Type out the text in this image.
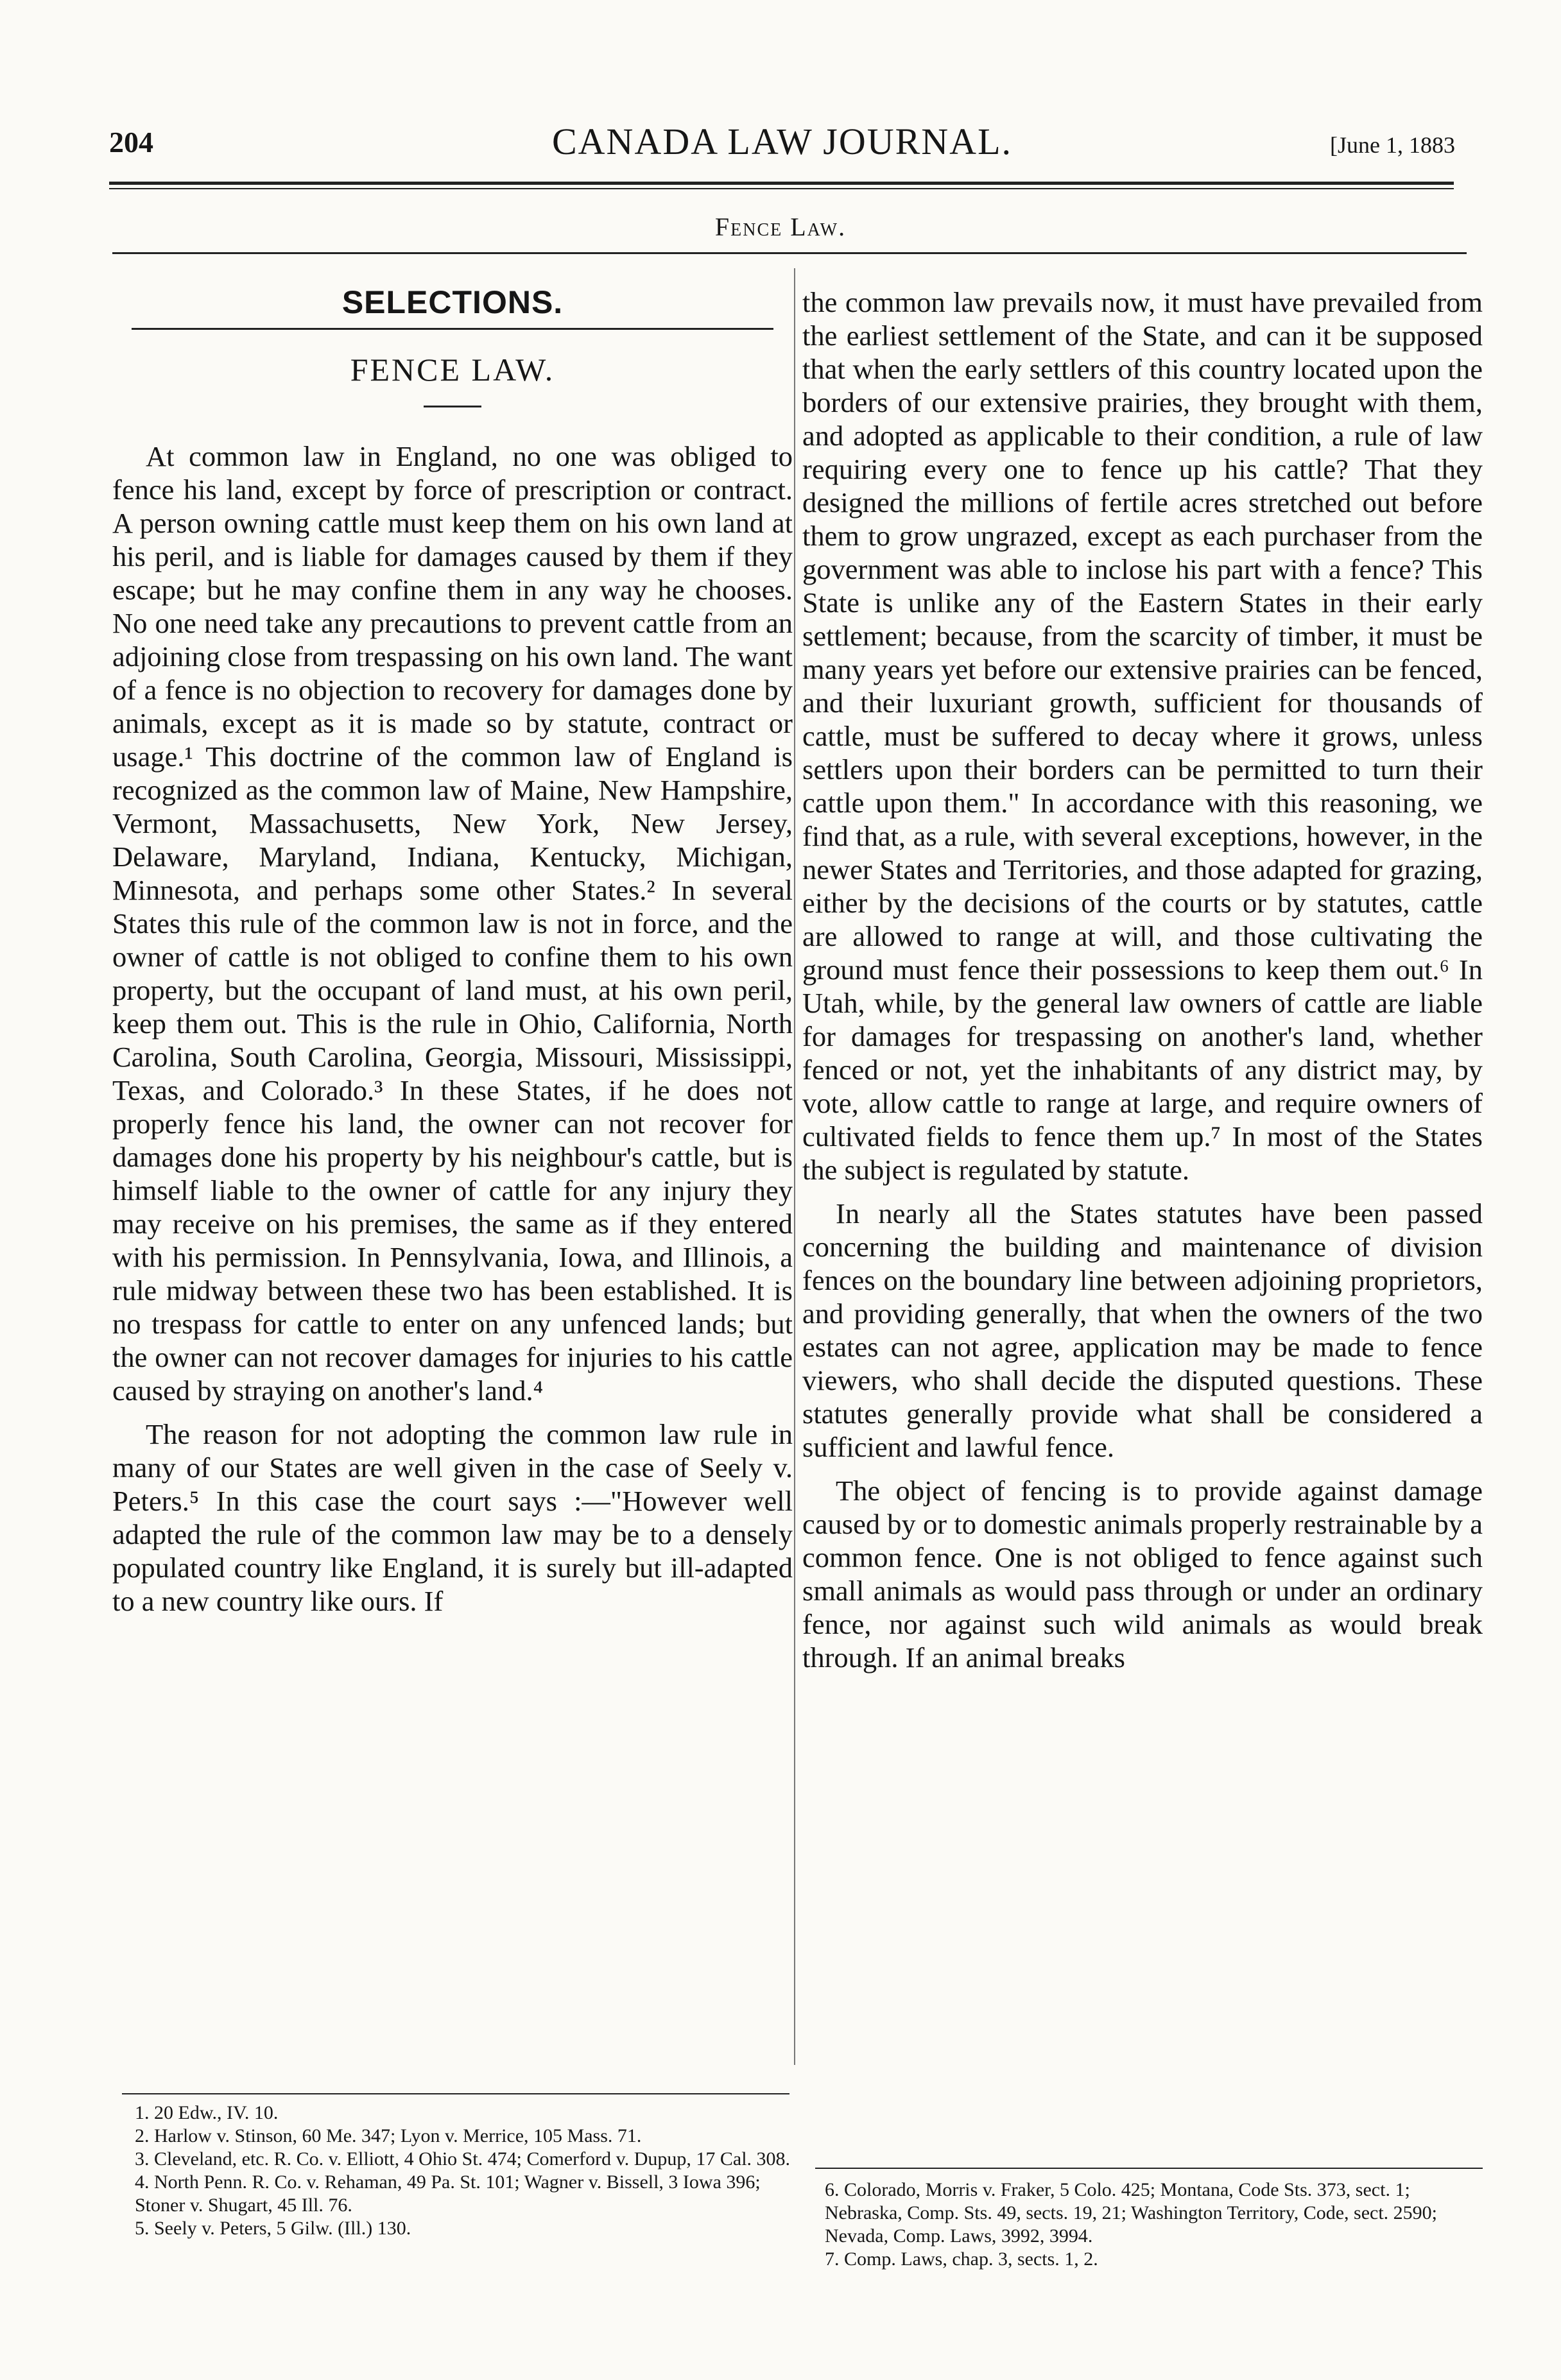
204	CANADA LAW JOURNAL.	[June 1, 1883
Fence Law.
SELECTIONS.
FENCE LAW.

At common law in England, no one was obliged to fence his land, except by force of prescription or contract. A person owning cattle must keep them on his own land at his peril, and is liable for damages caused by them if they escape; but he may confine them in any way he chooses. No one need take any precautions to prevent cattle from an adjoining close from trespassing on his own land. The want of a fence is no objection to recovery for damages done by animals, except as it is made so by statute, contract or usage.¹ This doctrine of the common law of England is recognized as the common law of Maine, New Hampshire, Vermont, Massachusetts, New York, New Jersey, Delaware, Maryland, Indiana, Kentucky, Michigan, Minnesota, and perhaps some other States.² In several States this rule of the common law is not in force, and the owner of cattle is not obliged to confine them to his own property, but the occupant of land must, at his own peril, keep them out. This is the rule in Ohio, California, North Carolina, South Carolina, Georgia, Missouri, Mississippi, Texas, and Colorado.³ In these States, if he does not properly fence his land, the owner can not recover for damages done his property by his neighbour's cattle, but is himself liable to the owner of cattle for any injury they may receive on his premises, the same as if they entered with his permission. In Pennsylvania, Iowa, and Illinois, a rule midway between these two has been established. It is no trespass for cattle to enter on any unfenced lands; but the owner can not recover damages for injuries to his cattle caused by straying on another's land.⁴

The reason for not adopting the common law rule in many of our States are well given in the case of Seely v. Peters.⁵ In this case the court says :—"However well adapted the rule of the common law may be to a densely populated country like England, it is surely but ill-adapted to a new country like ours. If

the common law prevails now, it must have prevailed from the earliest settlement of the State, and can it be supposed that when the early settlers of this country located upon the borders of our extensive prairies, they brought with them, and adopted as applicable to their condition, a rule of law requiring every one to fence up his cattle? That they designed the millions of fertile acres stretched out before them to grow ungrazed, except as each purchaser from the government was able to inclose his part with a fence? This State is unlike any of the Eastern States in their early settlement; because, from the scarcity of timber, it must be many years yet before our extensive prairies can be fenced, and their luxuriant growth, sufficient for thousands of cattle, must be suffered to decay where it grows, unless settlers upon their borders can be permitted to turn their cattle upon them." In accordance with this reasoning, we find that, as a rule, with several exceptions, however, in the newer States and Territories, and those adapted for grazing, either by the decisions of the courts or by statutes, cattle are allowed to range at will, and those cultivating the ground must fence their possessions to keep them out.⁶ In Utah, while, by the general law owners of cattle are liable for damages for trespassing on another's land, whether fenced or not, yet the inhabitants of any district may, by vote, allow cattle to range at large, and require owners of cultivated fields to fence them up.⁷ In most of the States the subject is regulated by statute.

In nearly all the States statutes have been passed concerning the building and maintenance of division fences on the boundary line between adjoining proprietors, and providing generally, that when the owners of the two estates can not agree, application may be made to fence viewers, who shall decide the disputed questions. These statutes generally provide what shall be considered a sufficient and lawful fence.

The object of fencing is to provide against damage caused by or to domestic animals properly restrainable by a common fence. One is not obliged to fence against such small animals as would pass through or under an ordinary fence, nor against such wild animals as would break through. If an animal breaks

1. 20 Edw., IV. 10.
2. Harlow v. Stinson, 60 Me. 347; Lyon v. Merrice, 105 Mass. 71.
3. Cleveland, etc. R. Co. v. Elliott, 4 Ohio St. 474; Comerford v. Dupup, 17 Cal. 308.
4. North Penn. R. Co. v. Rehaman, 49 Pa. St. 101; Wagner v. Bissell, 3 Iowa 396; Stoner v. Shugart, 45 Ill. 76.
5. Seely v. Peters, 5 Gilw. (Ill.) 130.
6. Colorado, Morris v. Fraker, 5 Colo. 425; Montana, Code Sts. 373, sect. 1; Nebraska, Comp. Sts. 49, sects. 19, 21; Washington Territory, Code, sect. 2590; Nevada, Comp. Laws, 3992, 3994.
7. Comp. Laws, chap. 3, sects. 1, 2.
